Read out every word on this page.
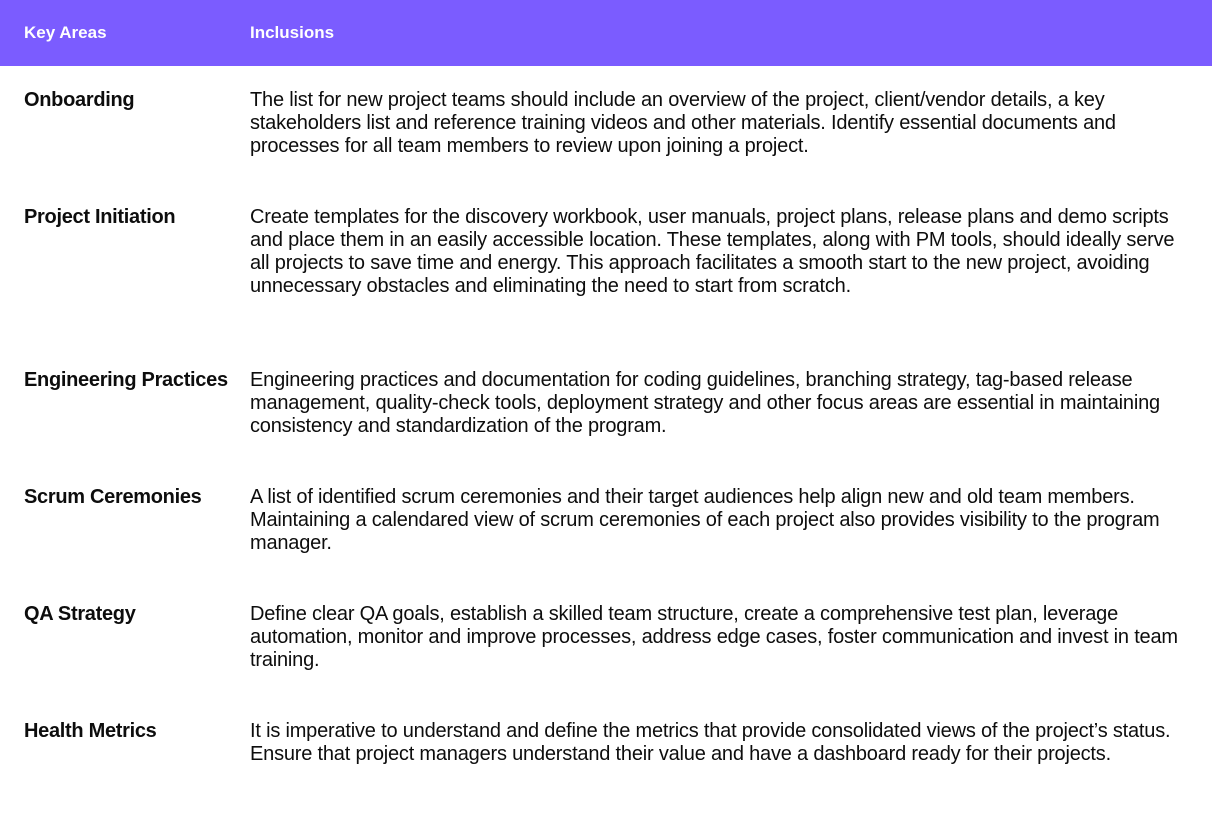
Key Areas	Inclusions
Onboarding	The list for new project teams should include an overview of the project, client/vendor details, a key stakeholders list and reference training videos and other materials. Identify essential documents and processes for all team members to review upon joining a project.
Project Initiation	Create templates for the discovery workbook, user manuals, project plans, release plans and demo scripts and place them in an easily accessible location. These templates, along with PM tools, should ideally serve all projects to save time and energy. This approach facilitates a smooth start to the new project, avoiding unnecessary obstacles and eliminating the need to start from scratch.
Engineering Practices	Engineering practices and documentation for coding guidelines, branching strategy, tag-based release management, quality-check tools, deployment strategy and other focus areas are essential in maintaining consistency and standardization of the program.
Scrum Ceremonies	A list of identified scrum ceremonies and their target audiences help align new and old team members. Maintaining a calendared view of scrum ceremonies of each project also provides visibility to the program manager.
QA Strategy	Define clear QA goals, establish a skilled team structure, create a comprehensive test plan, leverage automation, monitor and improve processes, address edge cases, foster communication and invest in team training.
Health Metrics	It is imperative to understand and define the metrics that provide consolidated views of the project’s status. Ensure that project managers understand their value and have a dashboard ready for their projects.
